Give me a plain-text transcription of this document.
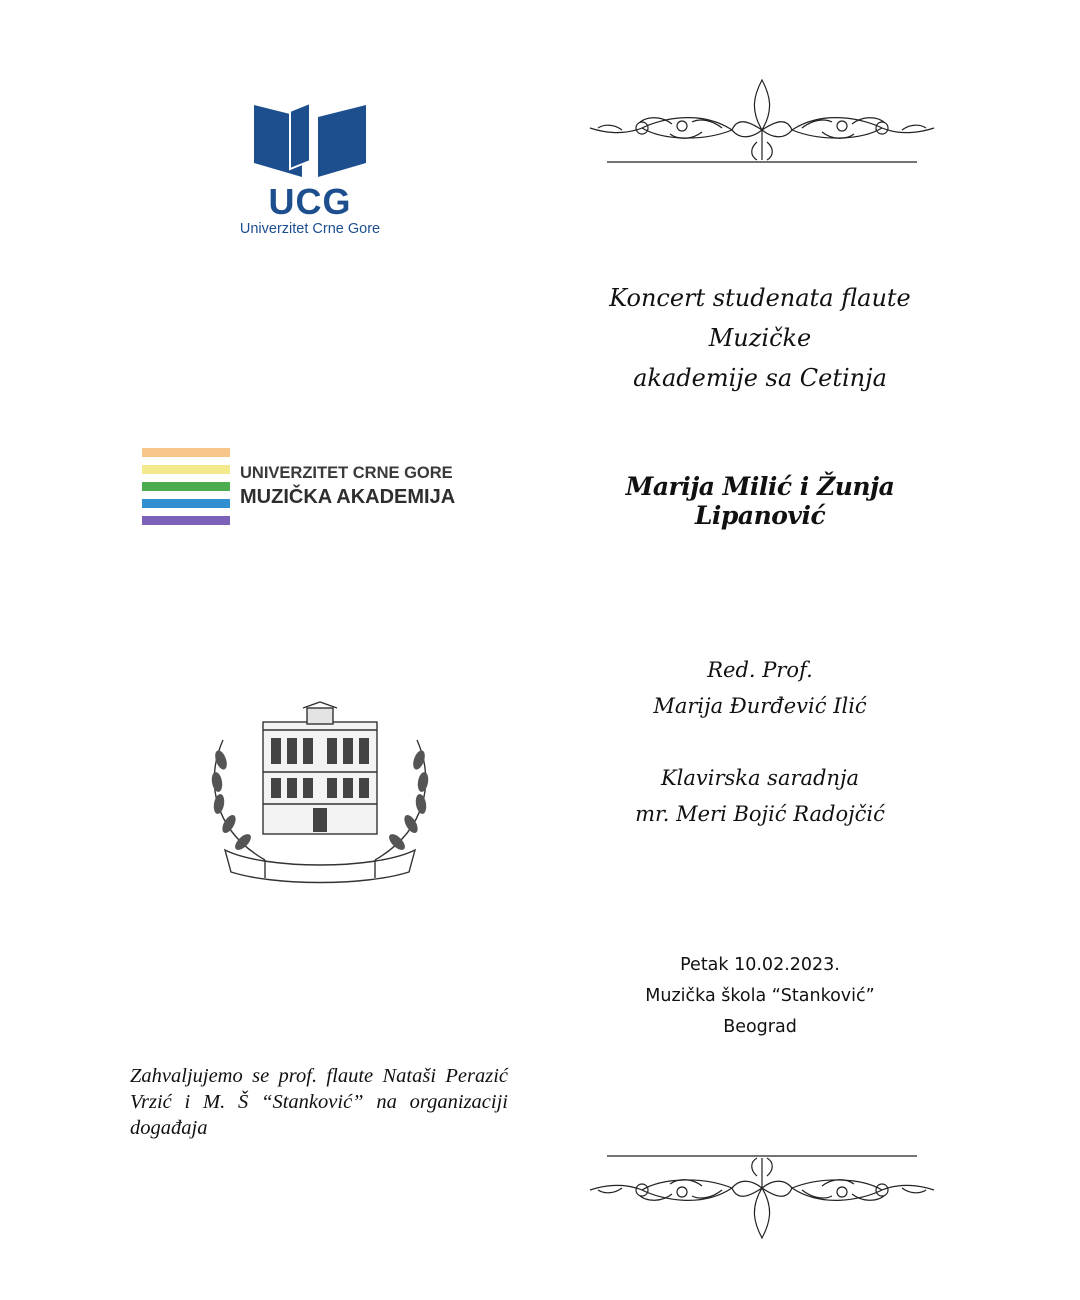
UCG
Univerzitet Crne Gore
UNIVERZITET CRNE GORE
MUZIČKA AKADEMIJA
Zahvaljujemo se prof. flaute Nataši Perazić Vrzić i M. Š “Stanković” na organizaciji događaja
Koncert studenata flaute Muzičke
akademije sa Cetinja
Marija Milić i Žunja Lipanović
Red. Prof.
Marija Đurđević Ilić
Klavirska saradnja
mr. Meri Bojić Radojčić
Petak 10.02.2023.
Muzička škola “Stanković”
Beograd
